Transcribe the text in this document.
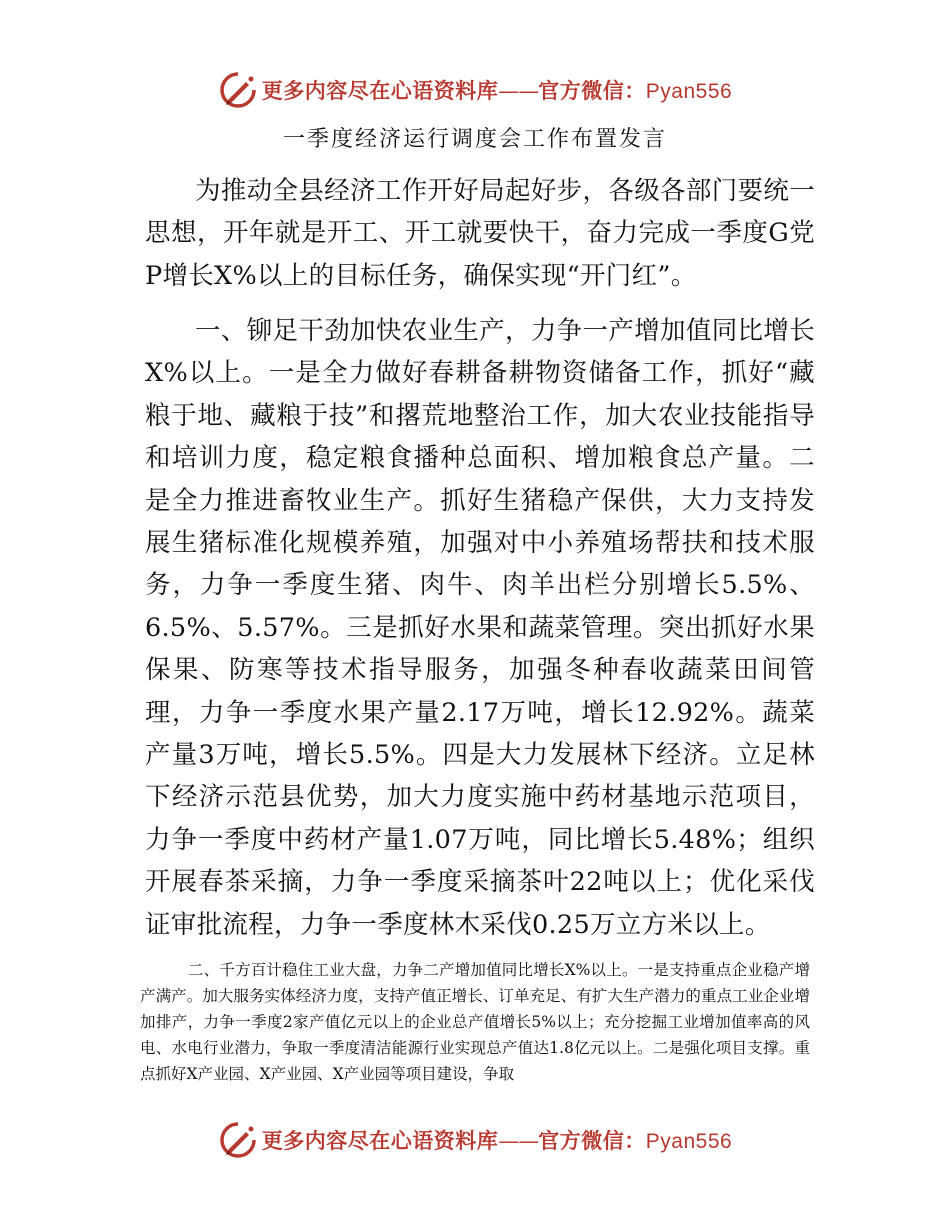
更多内容尽在心语资料库——官方微信：Pyan556
一季度经济运行调度会工作布置发言

为推动全县经济工作开好局起好步，各级各部门要统一思想，开年就是开工、开工就要快干，奋力完成一季度G党P增长X%以上的目标任务，确保实现“开门红”。

一、铆足干劲加快农业生产，力争一产增加值同比增长X%以上。一是全力做好春耕备耕物资储备工作，抓好“藏粮于地、藏粮于技”和撂荒地整治工作，加大农业技能指导和培训力度，稳定粮食播种总面积、增加粮食总产量。二是全力推进畜牧业生产。抓好生猪稳产保供，大力支持发展生猪标准化规模养殖，加强对中小养殖场帮扶和技术服务，力争一季度生猪、肉牛、肉羊出栏分别增长5.5%、6.5%、5.57%。三是抓好水果和蔬菜管理。突出抓好水果保果、防寒等技术指导服务，加强冬种春收蔬菜田间管理，力争一季度水果产量2.17万吨，增长12.92%。蔬菜产量3万吨，增长5.5%。四是大力发展林下经济。立足林下经济示范县优势，加大力度实施中药材基地示范项目，力争一季度中药材产量1.07万吨，同比增长5.48%；组织开展春茶采摘，力争一季度采摘茶叶22吨以上；优化采伐证审批流程，力争一季度林木采伐0.25万立方米以上。

二、千方百计稳住工业大盘，力争二产增加值同比增长X%以上。一是支持重点企业稳产增产满产。加大服务实体经济力度，支持产值正增长、订单充足、有扩大生产潜力的重点工业企业增加排产，力争一季度2家产值亿元以上的企业总产值增长5%以上；充分挖掘工业增加值率高的风电、水电行业潜力，争取一季度清洁能源行业实现总产值达1.8亿元以上。二是强化项目支撑。重点抓好X产业园、X产业园、X产业园等项目建设，争取

更多内容尽在心语资料库——官方微信：Pyan556
